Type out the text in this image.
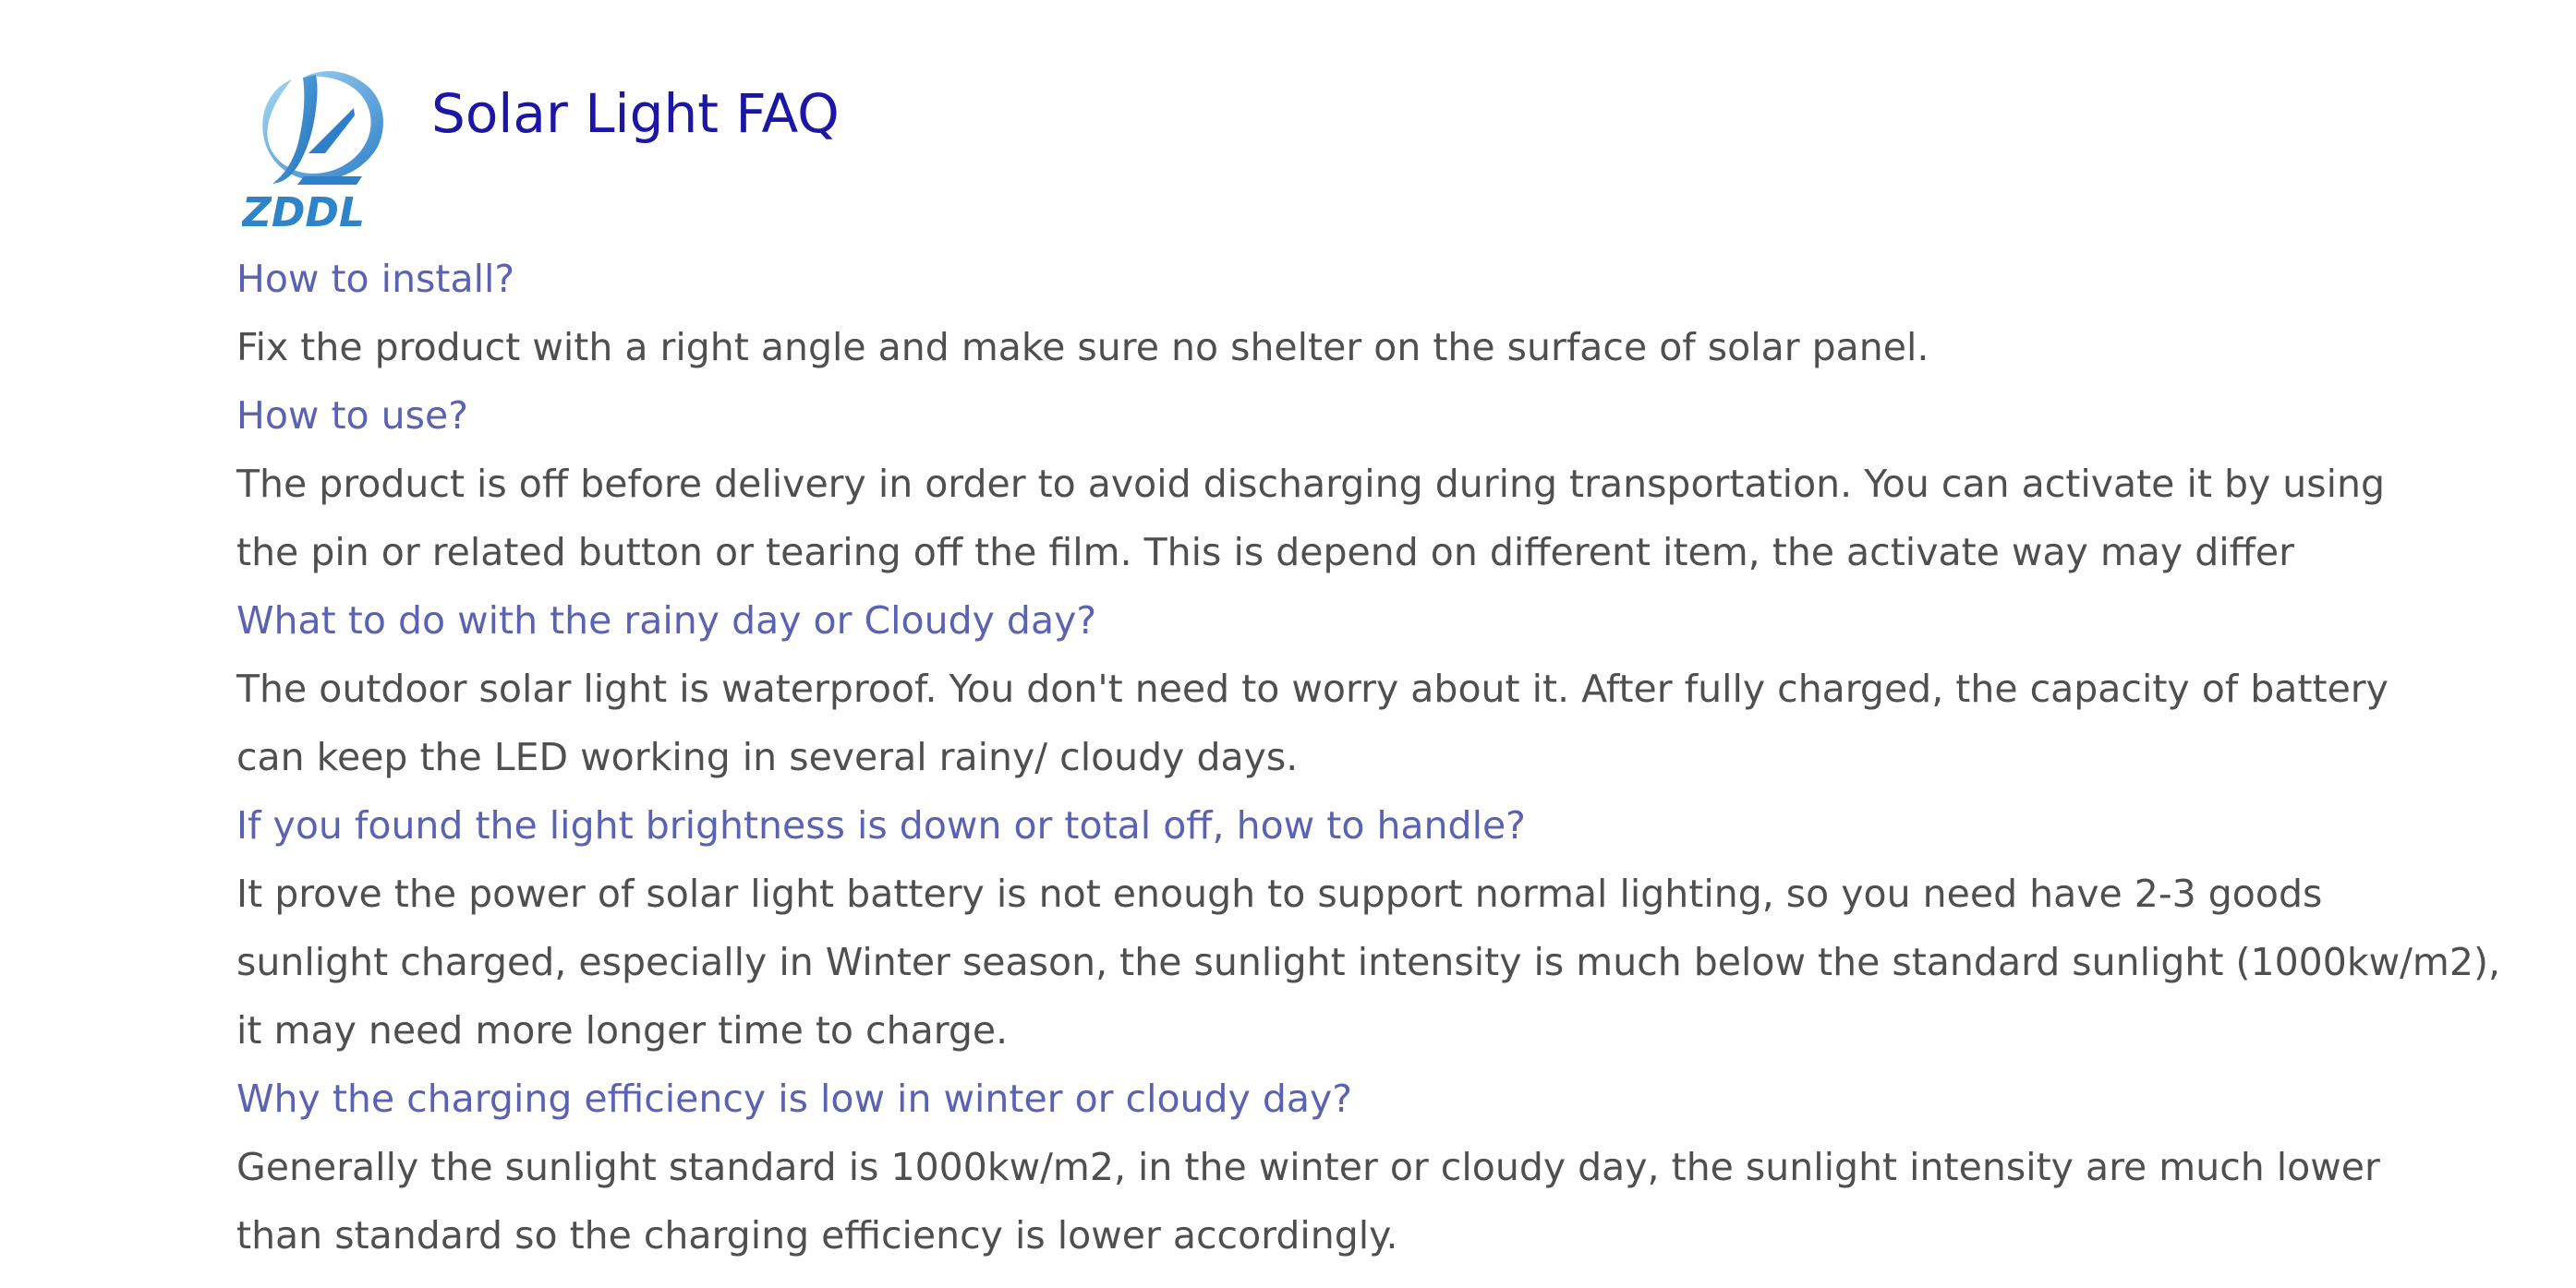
ZDDL
Solar Light FAQ
How to install?

Fix the product with a right angle and make sure no shelter on the surface of solar panel.

How to use?

The product is off before delivery in order to avoid discharging during transportation. You can activate it by using

the pin or related button or tearing off the film. This is depend on different item, the activate way may differ

What to do with the rainy day or Cloudy day?

The outdoor solar light is waterproof. You don't need to worry about it. After fully charged, the capacity of battery

can keep the LED working in several rainy/ cloudy days.

If you found the light brightness is down or total off, how to handle?

It prove the power of solar light battery is not enough to support normal lighting, so you need have 2-3 goods

sunlight charged, especially in Winter season, the sunlight intensity is much below the standard sunlight (1000kw/m2),

it may need more longer time to charge.

Why the charging efficiency is low in winter or cloudy day?

Generally the sunlight standard is 1000kw/m2, in the winter or cloudy day, the sunlight intensity are much lower

than standard so the charging efficiency is lower accordingly.
